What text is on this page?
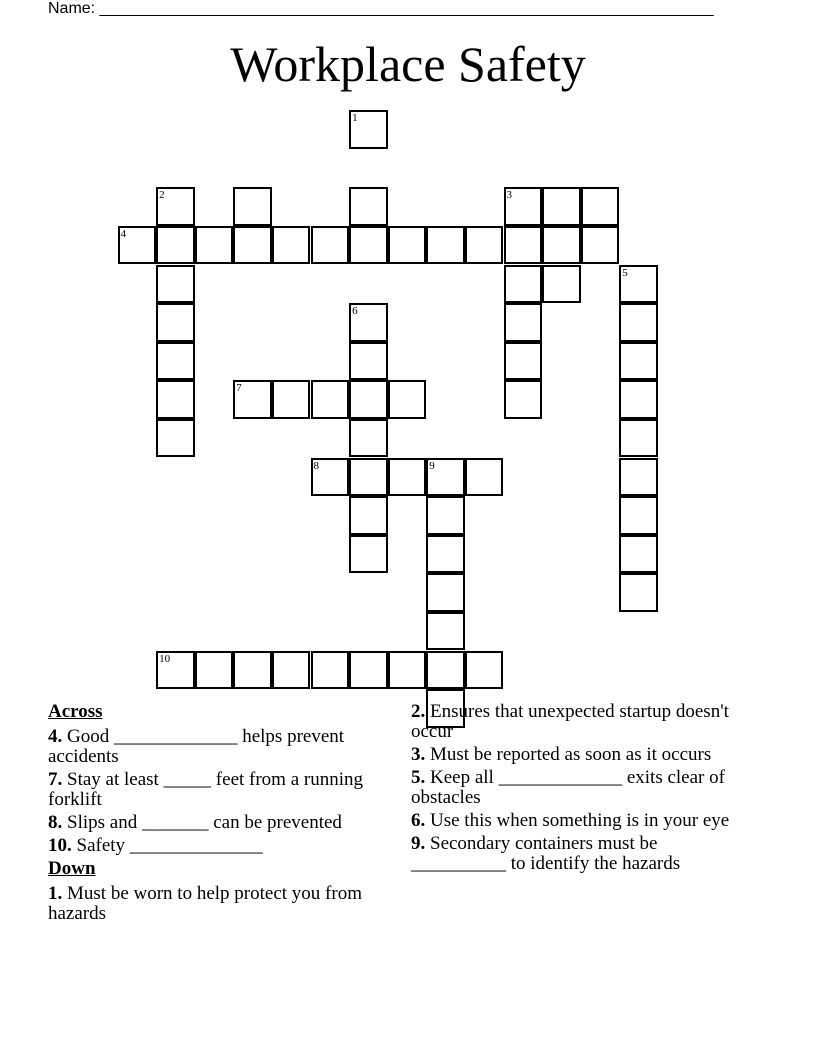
Name: _____________________________________________________________________
Workplace Safety
1
2	3
4
5
6
7
8	9
10
Across
4. Good _____________ helps prevent accidents
7. Stay at least _____ feet from a running forklift
8. Slips and _______ can be prevented
10. Safety ______________
Down
1. Must be worn to help protect you from hazards
2. Ensures that unexpected startup doesn't occur
3. Must be reported as soon as it occurs
5. Keep all _____________ exits clear of obstacles
6. Use this when something is in your eye
9. Secondary containers must be __________ to identify the hazards
